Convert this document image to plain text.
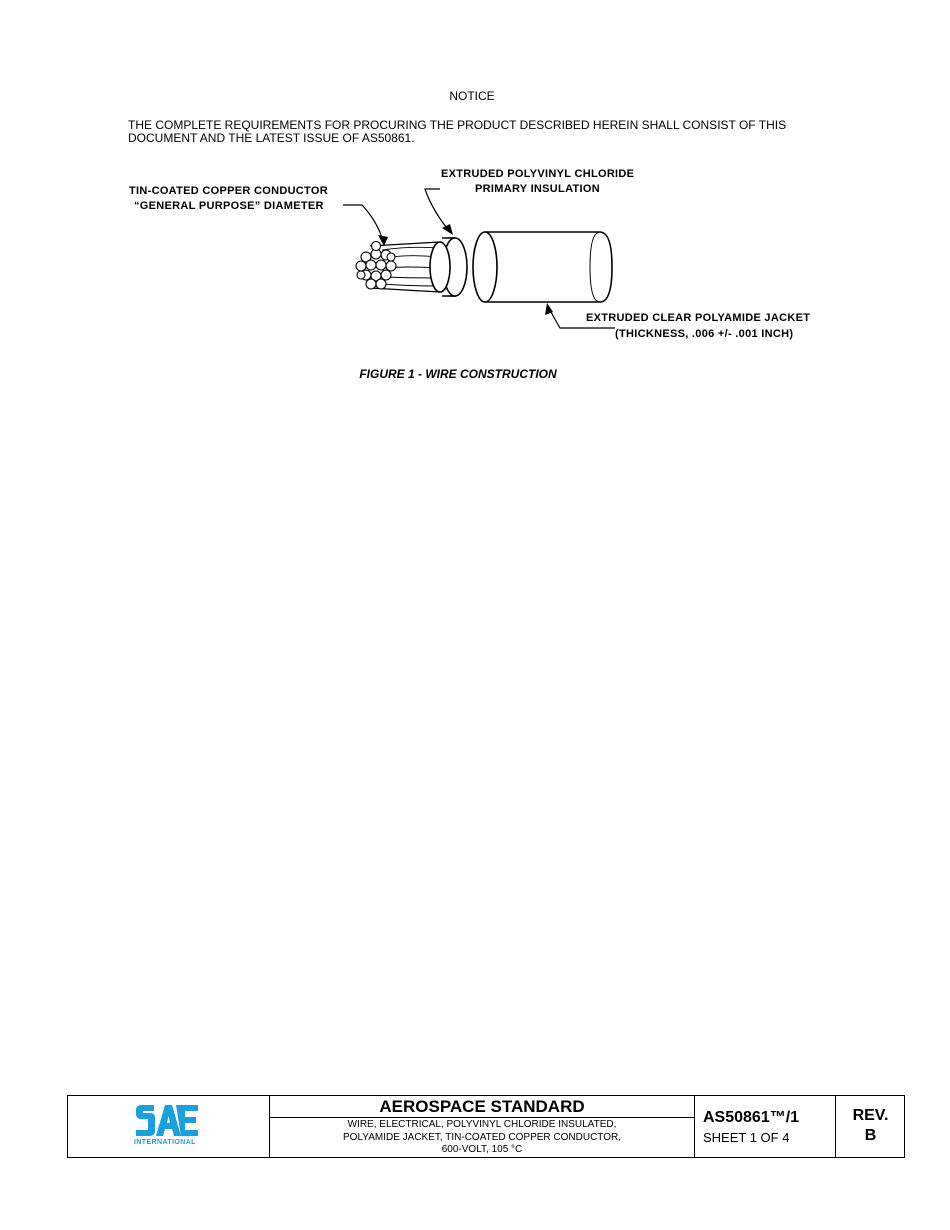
NOTICE
THE COMPLETE REQUIREMENTS FOR PROCURING THE PRODUCT DESCRIBED HEREIN SHALL CONSIST OF THIS DOCUMENT AND THE LATEST ISSUE OF AS50861.
TIN-COATED COPPER CONDUCTOR
“GENERAL PURPOSE” DIAMETER
EXTRUDED POLYVINYL CHLORIDE
PRIMARY INSULATION
EXTRUDED CLEAR POLYAMIDE JACKET
(THICKNESS, .006 +/- .001 INCH)
FIGURE 1 - WIRE CONSTRUCTION
INTERNATIONAL
AEROSPACE STANDARD
WIRE, ELECTRICAL, POLYVINYL CHLORIDE INSULATED,
POLYAMIDE JACKET, TIN-COATED COPPER CONDUCTOR,
600-VOLT, 105 °C
AS50861™/1
SHEET 1 OF 4
REV.
B
